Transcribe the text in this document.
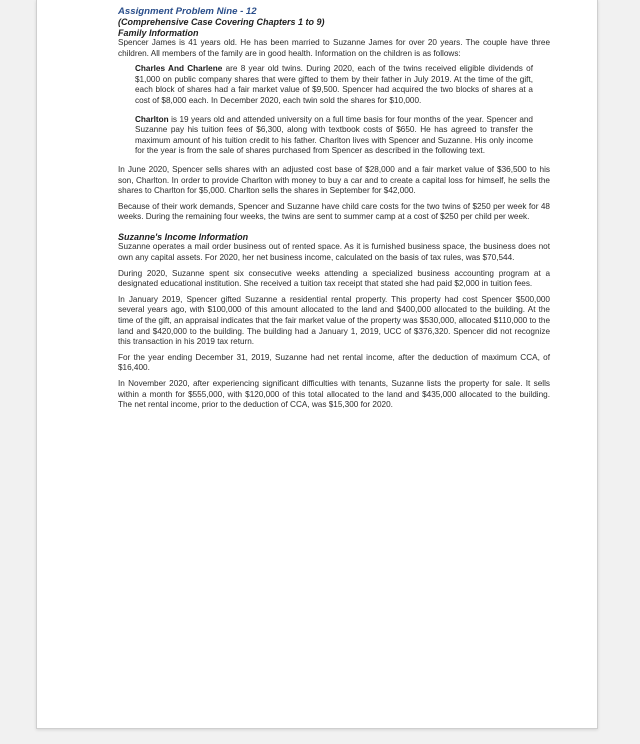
Assignment Problem Nine - 12
(Comprehensive Case Covering Chapters 1 to 9)
Family Information

Spencer James is 41 years old. He has been married to Suzanne James for over 20 years. The couple have three children. All members of the family are in good health. Information on the children is as follows:

Charles And Charlene are 8 year old twins. During 2020, each of the twins received eligible dividends of $1,000 on public company shares that were gifted to them by their father in July 2019. At the time of the gift, each block of shares had a fair market value of $9,500. Spencer had acquired the two blocks of shares at a cost of $8,000 each. In December 2020, each twin sold the shares for $10,000.

Charlton is 19 years old and attended university on a full time basis for four months of the year. Spencer and Suzanne pay his tuition fees of $6,300, along with textbook costs of $650. He has agreed to transfer the maximum amount of his tuition credit to his father. Charlton lives with Spencer and Suzanne. His only income for the year is from the sale of shares purchased from Spencer as described in the following text.

In June 2020, Spencer sells shares with an adjusted cost base of $28,000 and a fair market value of $36,500 to his son, Charlton. In order to provide Charlton with money to buy a car and to create a capital loss for himself, he sells the shares to Charlton for $5,000. Charlton sells the shares in September for $42,000.

Because of their work demands, Spencer and Suzanne have child care costs for the two twins of $250 per week for 48 weeks. During the remaining four weeks, the twins are sent to summer camp at a cost of $250 per child per week.

Suzanne's Income Information

Suzanne operates a mail order business out of rented space. As it is furnished business space, the business does not own any capital assets. For 2020, her net business income, calculated on the basis of tax rules, was $70,544.

During 2020, Suzanne spent six consecutive weeks attending a specialized business accounting program at a designated educational institution. She received a tuition tax receipt that stated she had paid $2,000 in tuition fees.

In January 2019, Spencer gifted Suzanne a residential rental property. This property had cost Spencer $500,000 several years ago, with $100,000 of this amount allocated to the land and $400,000 allocated to the building. At the time of the gift, an appraisal indicates that the fair market value of the property was $530,000, allocated $110,000 to the land and $420,000 to the building. The building had a January 1, 2019, UCC of $376,320. Spencer did not recognize this transaction in his 2019 tax return.

For the year ending December 31, 2019, Suzanne had net rental income, after the deduction of maximum CCA, of $16,400.

In November 2020, after experiencing significant difficulties with tenants, Suzanne lists the property for sale. It sells within a month for $555,000, with $120,000 of this total allocated to the land and $435,000 allocated to the building. The net rental income, prior to the deduction of CCA, was $15,300 for 2020.
